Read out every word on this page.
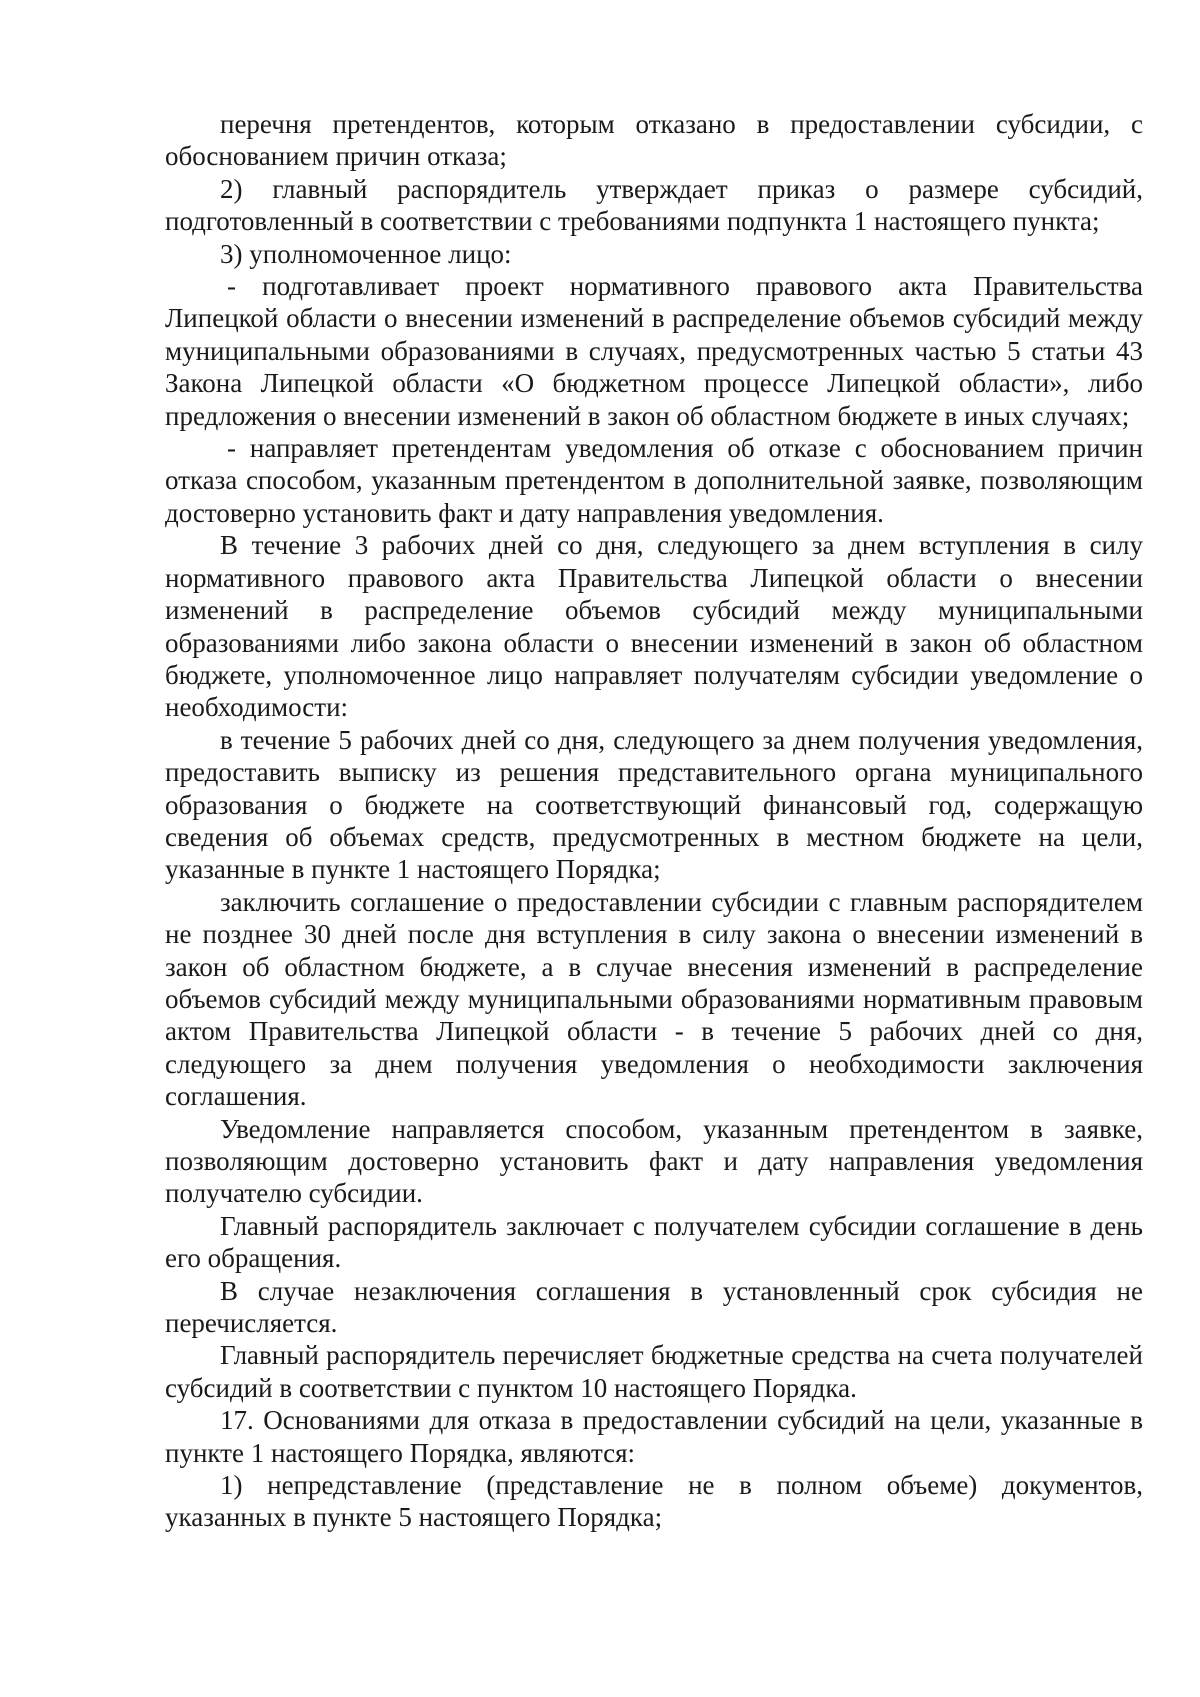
перечня претендентов, которым отказано в предоставлении субсидии, с обоснованием причин отказа;

2) главный распорядитель утверждает приказ о размере субсидий, подготовленный в соответствии с требованиями подпункта 1 настоящего пункта;

3) уполномоченное лицо:

- подготавливает проект нормативного правового акта Правительства Липецкой области о внесении изменений в распределение объемов субсидий между муниципальными образованиями в случаях, предусмотренных частью 5 статьи 43 Закона Липецкой области «О бюджетном процессе Липецкой области», либо предложения о внесении изменений в закон об областном бюджете в иных случаях;

- направляет претендентам уведомления об отказе с обоснованием причин отказа способом, указанным претендентом в дополнительной заявке, позволяющим достоверно установить факт и дату направления уведомления.

В течение 3 рабочих дней со дня, следующего за днем вступления в силу нормативного правового акта Правительства Липецкой области о внесении изменений в распределение объемов субсидий между муниципальными образованиями либо закона области о внесении изменений в закон об областном бюджете, уполномоченное лицо направляет получателям субсидии уведомление о необходимости:

в течение 5 рабочих дней со дня, следующего за днем получения уведомления, предоставить выписку из решения представительного органа муниципального образования о бюджете на соответствующий финансовый год, содержащую сведения об объемах средств, предусмотренных в местном бюджете на цели, указанные в пункте 1 настоящего Порядка;

заключить соглашение о предоставлении субсидии с главным распорядителем не позднее 30 дней после дня вступления в силу закона о внесении изменений в закон об областном бюджете, а в случае внесения изменений в распределение объемов субсидий между муниципальными образованиями нормативным правовым актом Правительства Липецкой области - в течение 5 рабочих дней со дня, следующего за днем получения уведомления о необходимости заключения соглашения.

Уведомление направляется способом, указанным претендентом в заявке, позволяющим достоверно установить факт и дату направления уведомления получателю субсидии.

Главный распорядитель заключает с получателем субсидии соглашение в день его обращения.

В случае незаключения соглашения в установленный срок субсидия не перечисляется.

Главный распорядитель перечисляет бюджетные средства на счета получателей субсидий в соответствии с пунктом 10 настоящего Порядка.

17. Основаниями для отказа в предоставлении субсидий на цели, указанные в пункте 1 настоящего Порядка, являются:

1) непредставление (представление не в полном объеме) документов, указанных в пункте 5 настоящего Порядка;
